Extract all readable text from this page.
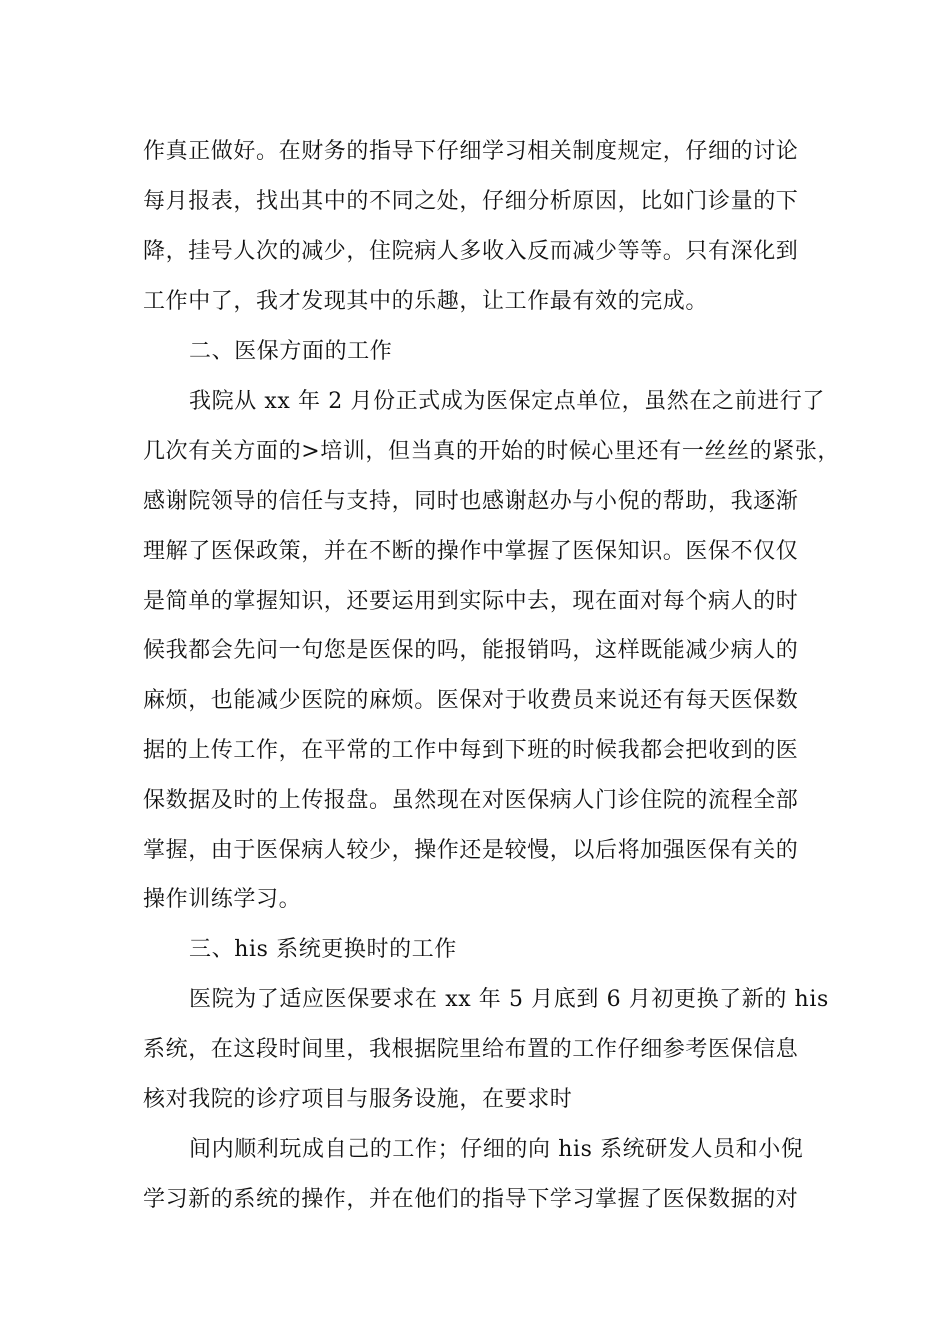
作真正做好。在财务的指导下仔细学习相关制度规定，仔细的讨论
每月报表，找出其中的不同之处，仔细分析原因，比如门诊量的下
降，挂号人次的减少，住院病人多收入反而减少等等。只有深化到
工作中了，我才发现其中的乐趣，让工作最有效的完成。
二、医保方面的工作
我院从 xx 年 2 月份正式成为医保定点单位，虽然在之前进行了
几次有关方面的>培训，但当真的开始的时候心里还有一丝丝的紧张，
感谢院领导的信任与支持，同时也感谢赵办与小倪的帮助，我逐渐
理解了医保政策，并在不断的操作中掌握了医保知识。医保不仅仅
是简单的掌握知识，还要运用到实际中去，现在面对每个病人的时
候我都会先问一句您是医保的吗，能报销吗，这样既能减少病人的
麻烦，也能减少医院的麻烦。医保对于收费员来说还有每天医保数
据的上传工作，在平常的工作中每到下班的时候我都会把收到的医
保数据及时的上传报盘。虽然现在对医保病人门诊住院的流程全部
掌握，由于医保病人较少，操作还是较慢，以后将加强医保有关的
操作训练学习。
三、his 系统更换时的工作
医院为了适应医保要求在 xx 年 5 月底到 6 月初更换了新的 his
系统，在这段时间里，我根据院里给布置的工作仔细参考医保信息
核对我院的诊疗项目与服务设施，在要求时
间内顺利玩成自己的工作；仔细的向 his 系统研发人员和小倪
学习新的系统的操作，并在他们的指导下学习掌握了医保数据的对
